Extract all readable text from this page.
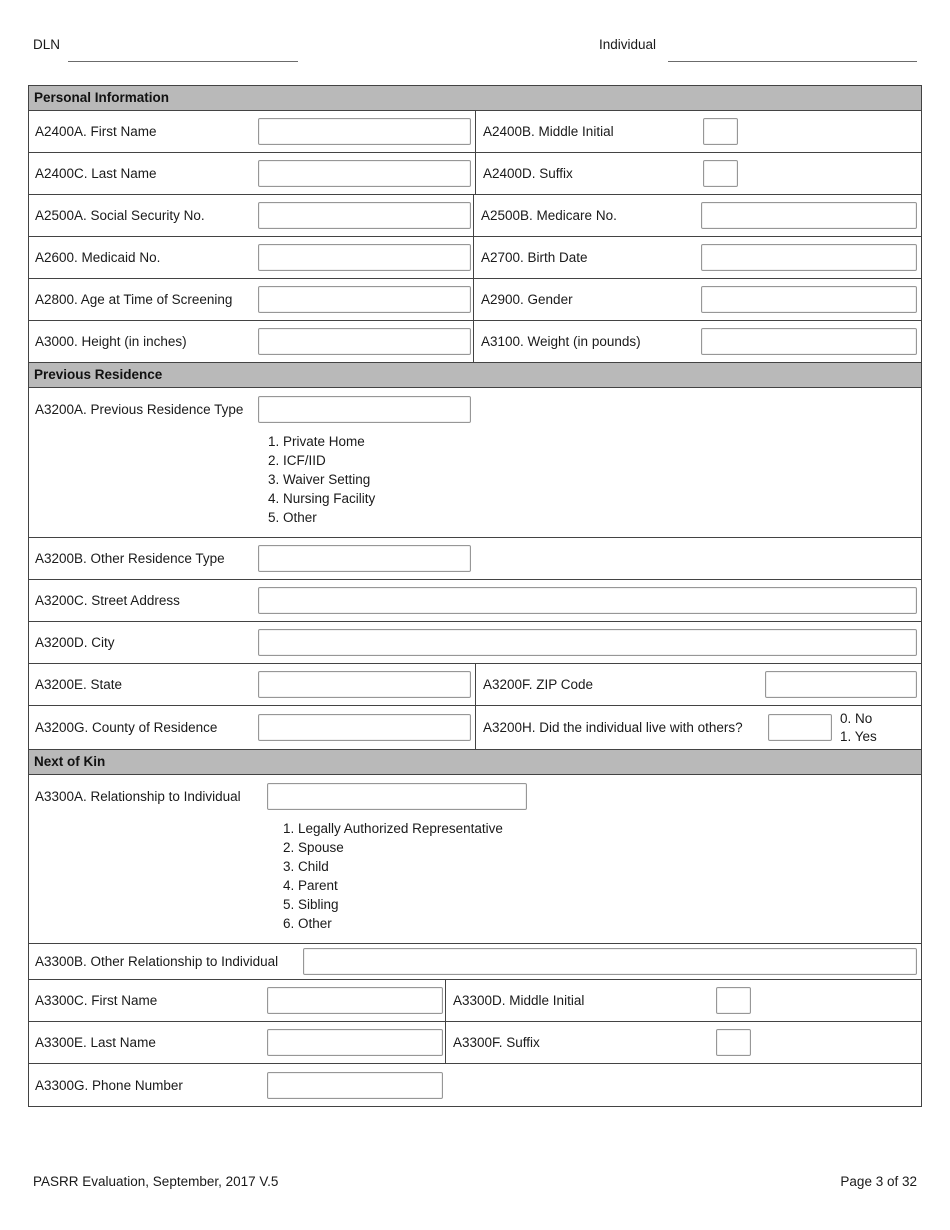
DLN	Individual
Personal Information
A2400A. First Name	A2400B. Middle Initial
A2400C. Last Name	A2400D. Suffix
A2500A. Social Security No.	A2500B. Medicare No.
A2600. Medicaid No.	A2700. Birth Date
A2800. Age at Time of Screening	A2900. Gender
A3000. Height (in inches)	A3100. Weight (in pounds)
Previous Residence
A3200A. Previous Residence Type
1. Private Home
2. ICF/IID
3. Waiver Setting
4. Nursing Facility
5. Other
A3200B. Other Residence Type
A3200C. Street Address
A3200D. City
A3200E. State	A3200F. ZIP Code
A3200G. County of Residence	A3200H. Did the individual live with others?
0. No
1. Yes
Next of Kin
A3300A. Relationship to Individual
1. Legally Authorized Representative
2. Spouse
3. Child
4. Parent
5. Sibling
6. Other
A3300B. Other Relationship to Individual
A3300C. First Name	A3300D. Middle Initial
A3300E. Last Name	A3300F. Suffix
A3300G. Phone Number
PASRR Evaluation, September, 2017 V.5	Page 3 of 32
